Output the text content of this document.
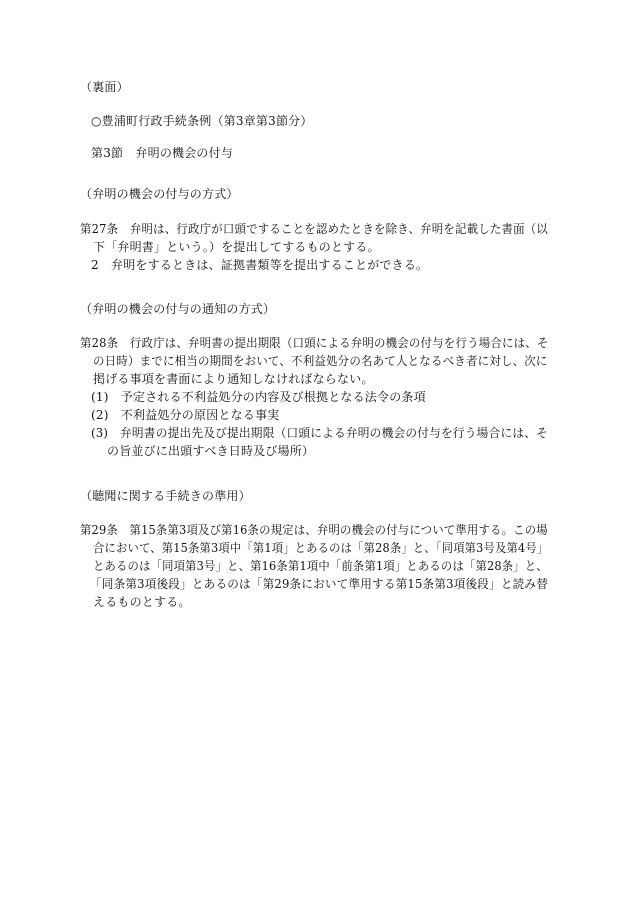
（裏面）
○豊浦町行政手続条例（第3章第3節分）
第3節　弁明の機会の付与
（弁明の機会の付与の方式）
第27条　弁明は、行政庁が口頭ですることを認めたときを除き、弁明を記載した書面（以
下「弁明書」という。）を提出してするものとする。
2　弁明をするときは、証拠書類等を提出することができる。
（弁明の機会の付与の通知の方式）
第28条　行政庁は、弁明書の提出期限（口頭による弁明の機会の付与を行う場合には、そ
の日時）までに相当の期間をおいて、不利益処分の名あて人となるべき者に対し、次に
掲げる事項を書面により通知しなければならない。
(1)　予定される不利益処分の内容及び根拠となる法令の条項
(2)　不利益処分の原因となる事実
(3)　弁明書の提出先及び提出期限（口頭による弁明の機会の付与を行う場合には、そ
の旨並びに出頭すべき日時及び場所）
（聴聞に関する手続きの準用）
第29条　第15条第3項及び第16条の規定は、弁明の機会の付与について準用する。この場
合において、第15条第3項中「第1項」とあるのは「第28条」と、「同項第3号及第4号」
とあるのは「同項第3号」と、第16条第1項中「前条第1項」とあるのは「第28条」と、
「同条第3項後段」とあるのは「第29条において準用する第15条第3項後段」と読み替
えるものとする。
